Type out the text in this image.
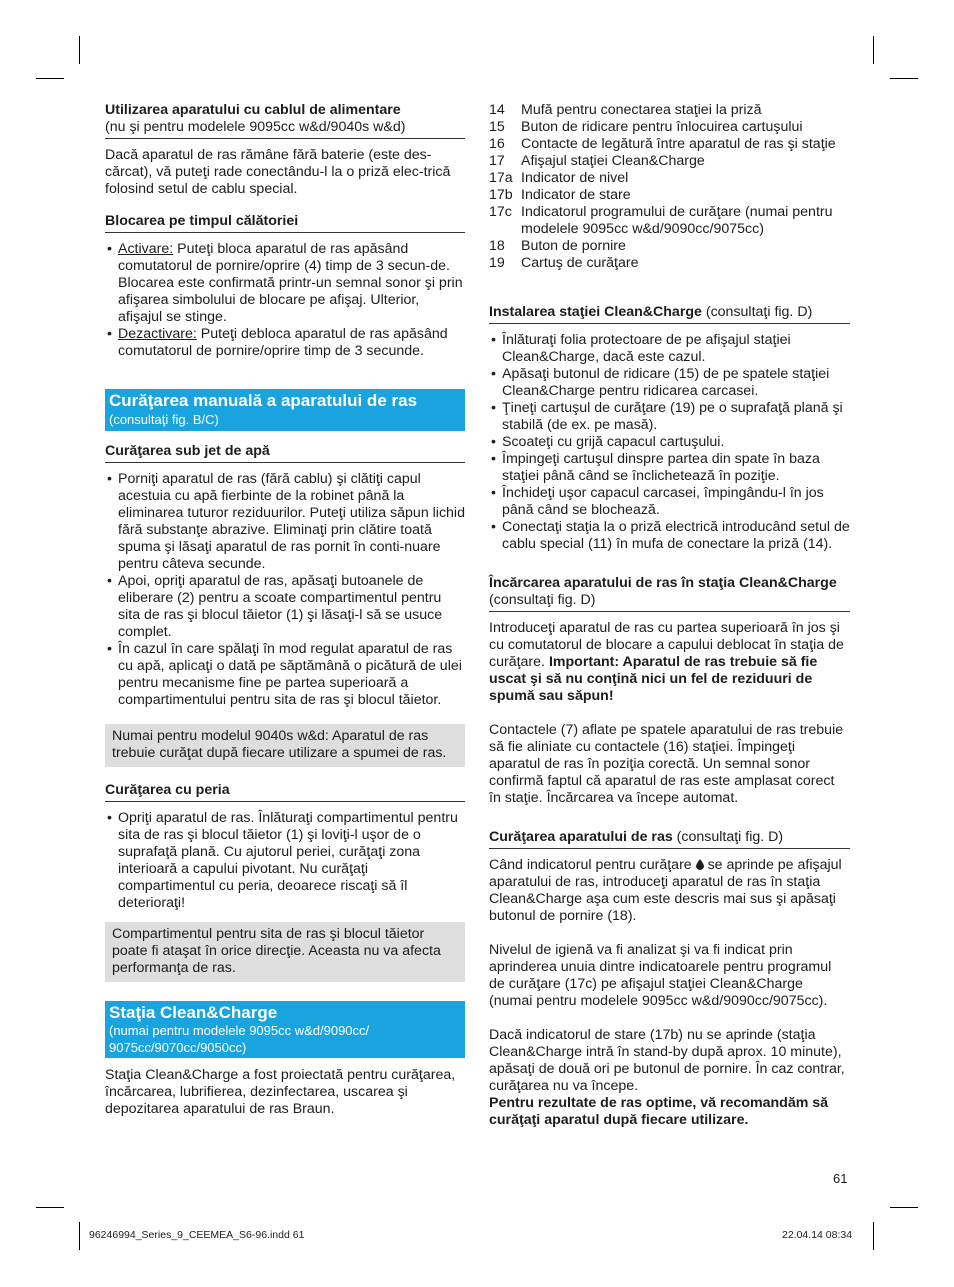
Utilizarea aparatului cu cablul de alimentare
(nu şi pentru modelele 9095cc w&d/9040s w&d)

Dacă aparatul de ras rămâne fără baterie (este des-cărcat), vă puteţi rade conectându-l la o priză elec-trică folosind setul de cablu special.

Blocarea pe timpul călătoriei
• Activare: Puteţi bloca aparatul de ras apăsând comutatorul de pornire/oprire (4) timp de 3 secun-de. Blocarea este confirmată printr-un semnal sonor şi prin afişarea simbolului de blocare pe afişaj. Ulterior, afişajul se stinge.
• Dezactivare: Puteţi debloca aparatul de ras apăsând comutatorul de pornire/oprire timp de 3 secunde.
Curăţarea manuală a aparatului de ras (consultaţi fig. B/C)
Curăţarea sub jet de apă
• Porniţi aparatul de ras (fără cablu) şi clătiţi capul acestuia cu apă fierbinte de la robinet până la eliminarea tuturor reziduurilor. Puteţi utiliza săpun lichid fără substanţe abrazive. Eliminaţi prin clătire toată spuma şi lăsaţi aparatul de ras pornit în conti-nuare pentru câteva secunde.
• Apoi, opriţi aparatul de ras, apăsaţi butoanele de eliberare (2) pentru a scoate compartimentul pentru sita de ras şi blocul tăietor (1) şi lăsaţi-l să se usuce complet.
• În cazul în care spălaţi în mod regulat aparatul de ras cu apă, aplicaţi o dată pe săptămână o picătură de ulei pentru mecanisme fine pe partea superioară a compartimentului pentru sita de ras şi blocul tăietor.
Numai pentru modelul 9040s w&d: Aparatul de ras trebuie curăţat după fiecare utilizare a spumei de ras.
Curăţarea cu peria
• Opriţi aparatul de ras. Înlăturaţi compartimentul pentru sita de ras şi blocul tăietor (1) şi loviţi-l uşor de o suprafaţă plană. Cu ajutorul periei, curăţaţi zona interioară a capului pivotant. Nu curăţaţi compartimentul cu peria, deoarece riscaţi să îl deterioraţi!
Compartimentul pentru sita de ras şi blocul tăietor poate fi ataşat în orice direcţie. Aceasta nu va afecta performanţa de ras.
Staţia Clean&Charge
(numai pentru modelele 9095cc w&d/9090cc/ 9075cc/9070cc/9050cc)

Staţia Clean&Charge a fost proiectată pentru curăţarea, încărcarea, lubrifierea, dezinfectarea, uscarea şi depozitarea aparatului de ras Braun.

14	Mufă pentru conectarea staţiei la priză
15	Buton de ridicare pentru înlocuirea cartuşului
16	Contacte de legătură între aparatul de ras şi staţie
17	Afişajul staţiei Clean&Charge
17a Indicator de nivel
17b Indicator de stare
17c Indicatorul programului de curăţare (numai pentru modelele 9095cc w&d/9090cc/9075cc)
18	Buton de pornire
19	Cartuş de curăţare
Instalarea staţiei Clean&Charge (consultaţi fig. D)
• Înlăturaţi folia protectoare de pe afişajul staţiei Clean&Charge, dacă este cazul.
• Apăsaţi butonul de ridicare (15) de pe spatele staţiei Clean&Charge pentru ridicarea carcasei.
• Ţineţi cartuşul de curăţare (19) pe o suprafaţă plană şi stabilă (de ex. pe masă).
• Scoateţi cu grijă capacul cartuşului.
• Împingeţi cartuşul dinspre partea din spate în baza staţiei până când se înclichetează în poziţie.
• Închideţi uşor capacul carcasei, împingându-l în jos până când se blochează.
• Conectaţi staţia la o priză electrică introducând setul de cablu special (11) în mufa de conectare la priză (14).
Încărcarea aparatului de ras în staţia Clean&Charge (consultaţi fig. D)

Introduceţi aparatul de ras cu partea superioară în jos şi cu comutatorul de blocare a capului deblocat în staţia de curăţare. Important: Aparatul de ras trebuie să fie uscat şi să nu conţină nici un fel de reziduuri de spumă sau săpun!

Contactele (7) aflate pe spatele aparatului de ras trebuie să fie aliniate cu contactele (16) staţiei. Împingeţi aparatul de ras în poziţia corectă. Un semnal sonor confirmă faptul că aparatul de ras este amplasat corect în staţie. Încărcarea va începe automat.

Curăţarea aparatului de ras (consultaţi fig. D)

Când indicatorul pentru curăţare  se aprinde pe afişajul aparatului de ras, introduceţi aparatul de ras în staţia Clean&Charge aşa cum este descris mai sus şi apăsaţi butonul de pornire (18).

Nivelul de igienă va fi analizat şi va fi indicat prin aprinderea unuia dintre indicatoarele pentru programul de curăţare (17c) pe afişajul staţiei Clean&Charge (numai pentru modelele 9095cc w&d/9090cc/9075cc).

Dacă indicatorul de stare (17b) nu se aprinde (staţia Clean&Charge intră în stand-by după aprox. 10 minute), apăsaţi de două ori pe butonul de pornire. În caz contrar, curăţarea nu va începe.
Pentru rezultate de ras optime, vă recomandăm să curăţaţi aparatul după fiecare utilizare.

61
96246994_Series_9_CEEMEA_S6-96.indd 61	22.04.14 08:34
